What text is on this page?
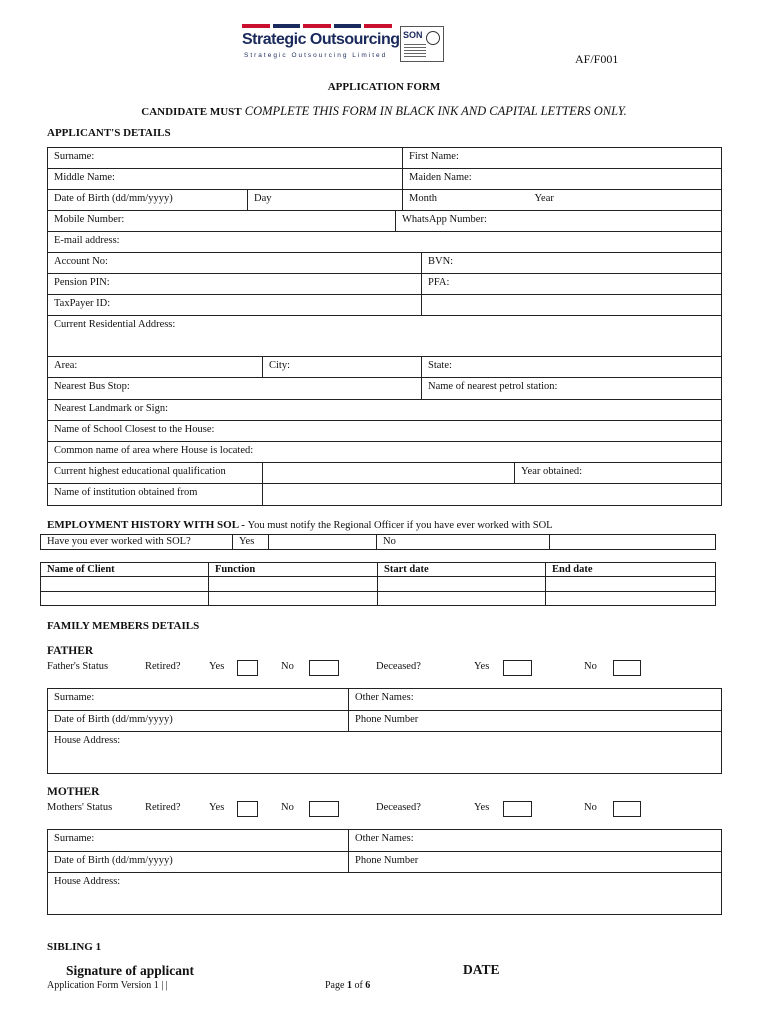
Strategic Outsourcing
Strategic Outsourcing Limited
SON
AF/F001
APPLICATION FORM
CANDIDATE MUST COMPLETE THIS FORM IN BLACK INK AND CAPITAL LETTERS ONLY.
APPLICANT'S DETAILS
Surname:				First Name:		
Middle Name:				Maiden Name:		
Date of Birth (dd/mm/yyyy)	Day			Month		Year
Mobile Number:			WhatsApp Number:			
E-mail address:						
Account No:					BVN:	
Pension PIN:					PFA:	
TaxPayer ID:						
Current Residential Address:						
Area:		City:			State:	
Nearest Bus Stop:					Name of nearest petrol station:	
Nearest Landmark or Sign:						
Name of School Closest to the House:						
Common name of area where House is located:						
Current highest educational qualification						Year obtained:
Name of institution obtained from						
EMPLOYMENT HISTORY WITH SOL - You must notify the Regional Officer if you have ever worked with SOL
Have you ever worked with SOL?	Yes		No	
Name of Client	Function	Start date	End date

FAMILY MEMBERS DETAILS
FATHER
Father's Status	Retired?	Yes	No	Deceased?	Yes	No
Surname:	Other Names:
Date of Birth (dd/mm/yyyy)	Phone Number
House Address:	
MOTHER
Mothers' Status	Retired?	Yes	No	Deceased?	Yes	No
Surname:	Other Names:
Date of Birth (dd/mm/yyyy)	Phone Number
House Address:	
SIBLING 1
Signature of applicant	DATE
Application Form Version 1 | |	Page 1 of 6
